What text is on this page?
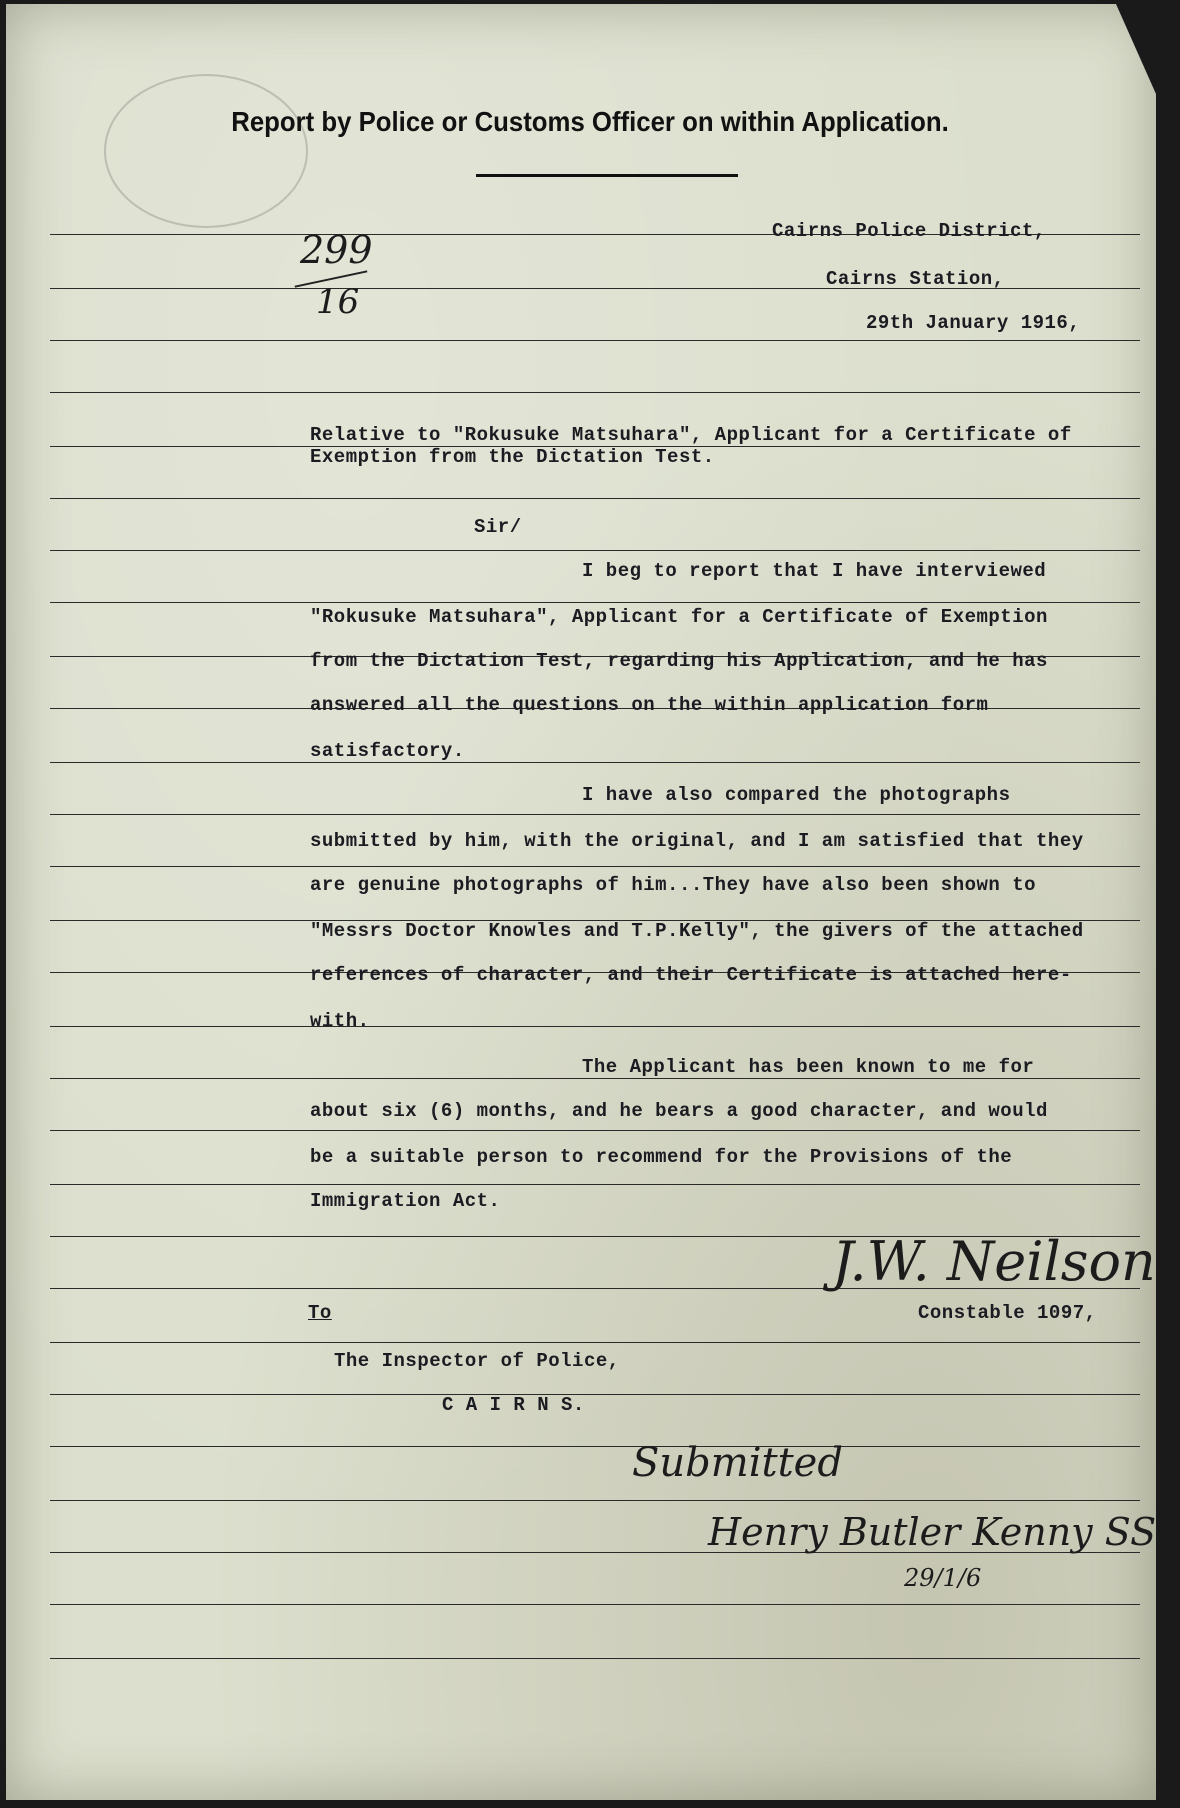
Report by Police or Customs Officer on within Application.
299
16

Cairns Police District,

Cairns Station,

29th January 1916,

Relative to "Rokusuke Matsuhara", Applicant for a Certificate of

Exemption from the Dictation Test.

Sir/

I beg to report that I have interviewed

"Rokusuke Matsuhara", Applicant for a Certificate of Exemption

from the Dictation Test, regarding his Application, and he has

answered all the questions on the within application form

satisfactory.

I have also compared the photographs

submitted by him, with the original, and I am satisfied that they

are genuine photographs of him...They have also been shown to

"Messrs Doctor Knowles and T.P.Kelly", the givers of the attached

references of character, and their Certificate is attached here-

with.

The Applicant has been known to me for

about six (6) months, and he bears a good character, and would

be a suitable person to recommend for the Provisions of the

Immigration Act.

J.W. Neilson

Constable 1097,

To

The Inspector of Police,

C A I R N S.

Submitted
Henry Butler Kenny SS
29/1/6
